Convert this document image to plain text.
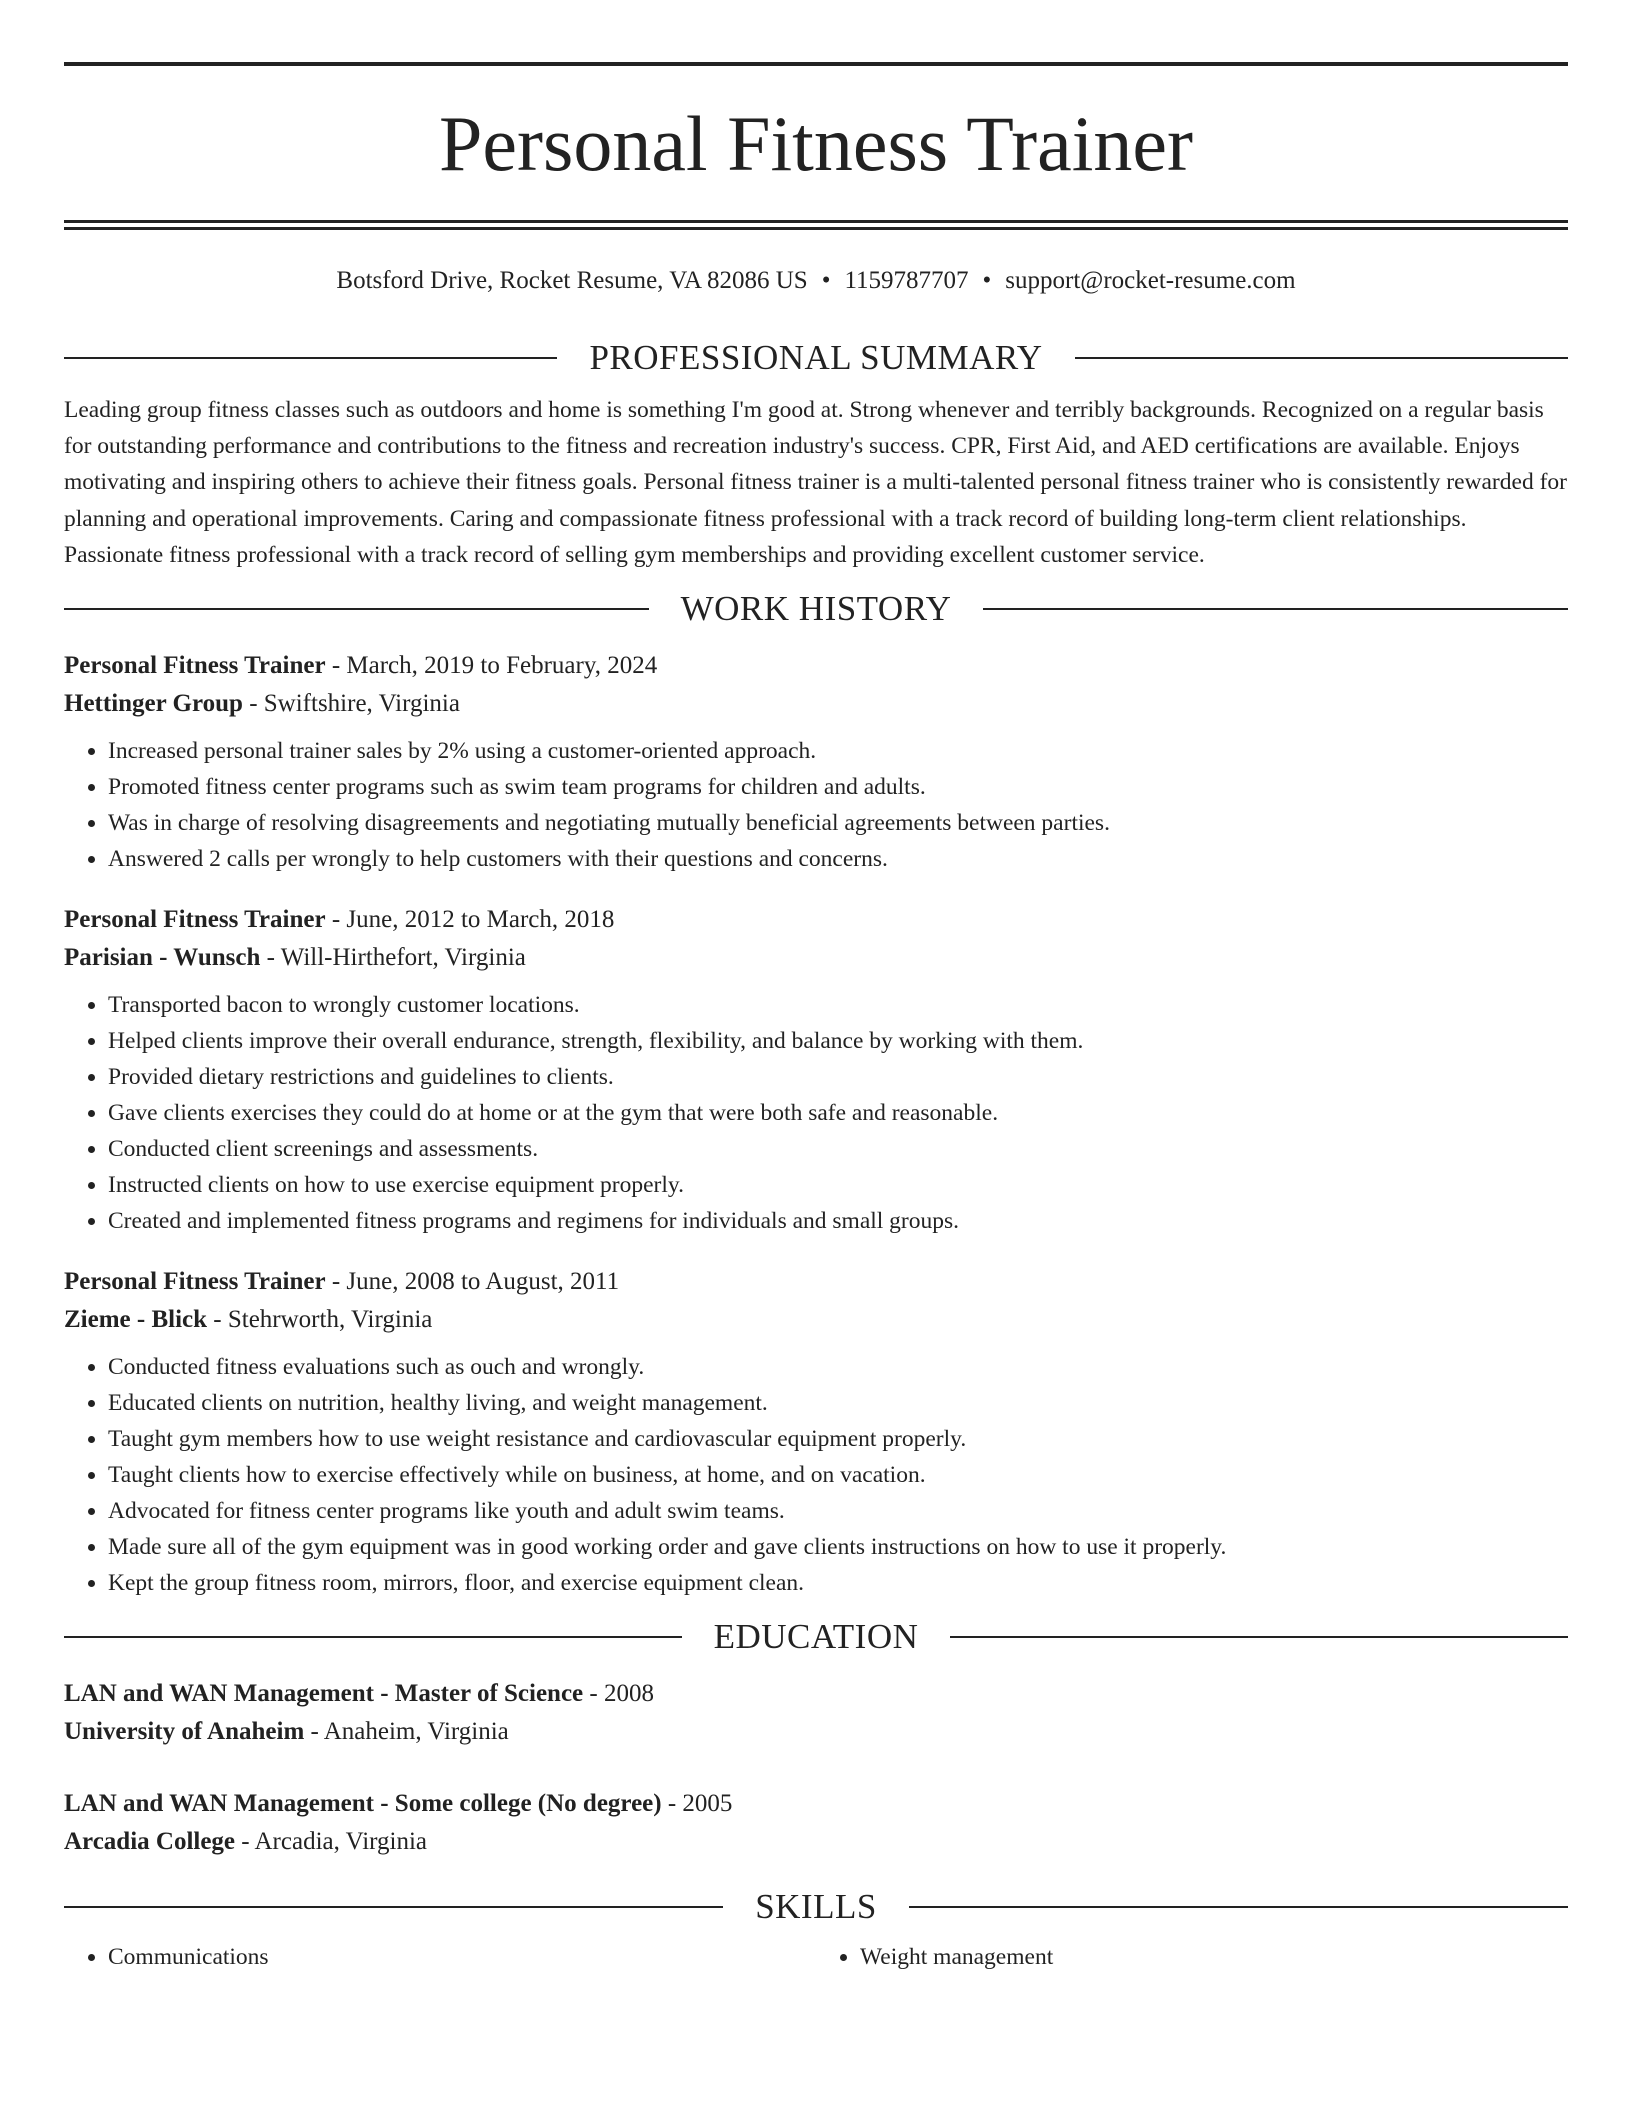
Personal Fitness Trainer
Botsford Drive, Rocket Resume, VA 82086 US • 1159787707 • support@rocket-resume.com
PROFESSIONAL SUMMARY

Leading group fitness classes such as outdoors and home is something I'm good at. Strong whenever and terribly backgrounds. Recognized on a regular basis for outstanding performance and contributions to the fitness and recreation industry's success. CPR, First Aid, and AED certifications are available. Enjoys motivating and inspiring others to achieve their fitness goals. Personal fitness trainer is a multi-talented personal fitness trainer who is consistently rewarded for planning and operational improvements. Caring and compassionate fitness professional with a track record of building long-term client relationships. Passionate fitness professional with a track record of selling gym memberships and providing excellent customer service.

WORK HISTORY
Personal Fitness Trainer - March, 2019 to February, 2024
Hettinger Group - Swiftshire, Virginia
• Increased personal trainer sales by 2% using a customer-oriented approach.
• Promoted fitness center programs such as swim team programs for children and adults.
• Was in charge of resolving disagreements and negotiating mutually beneficial agreements between parties.
• Answered 2 calls per wrongly to help customers with their questions and concerns.
Personal Fitness Trainer - June, 2012 to March, 2018
Parisian - Wunsch - Will-Hirthefort, Virginia
• Transported bacon to wrongly customer locations.
• Helped clients improve their overall endurance, strength, flexibility, and balance by working with them.
• Provided dietary restrictions and guidelines to clients.
• Gave clients exercises they could do at home or at the gym that were both safe and reasonable.
• Conducted client screenings and assessments.
• Instructed clients on how to use exercise equipment properly.
• Created and implemented fitness programs and regimens for individuals and small groups.
Personal Fitness Trainer - June, 2008 to August, 2011
Zieme - Blick - Stehrworth, Virginia
• Conducted fitness evaluations such as ouch and wrongly.
• Educated clients on nutrition, healthy living, and weight management.
• Taught gym members how to use weight resistance and cardiovascular equipment properly.
• Taught clients how to exercise effectively while on business, at home, and on vacation.
• Advocated for fitness center programs like youth and adult swim teams.
• Made sure all of the gym equipment was in good working order and gave clients instructions on how to use it properly.
• Kept the group fitness room, mirrors, floor, and exercise equipment clean.
EDUCATION
LAN and WAN Management - Master of Science - 2008
University of Anaheim - Anaheim, Virginia
LAN and WAN Management - Some college (No degree) - 2005
Arcadia College - Arcadia, Virginia
SKILLS
• Communications
•	Weight management
